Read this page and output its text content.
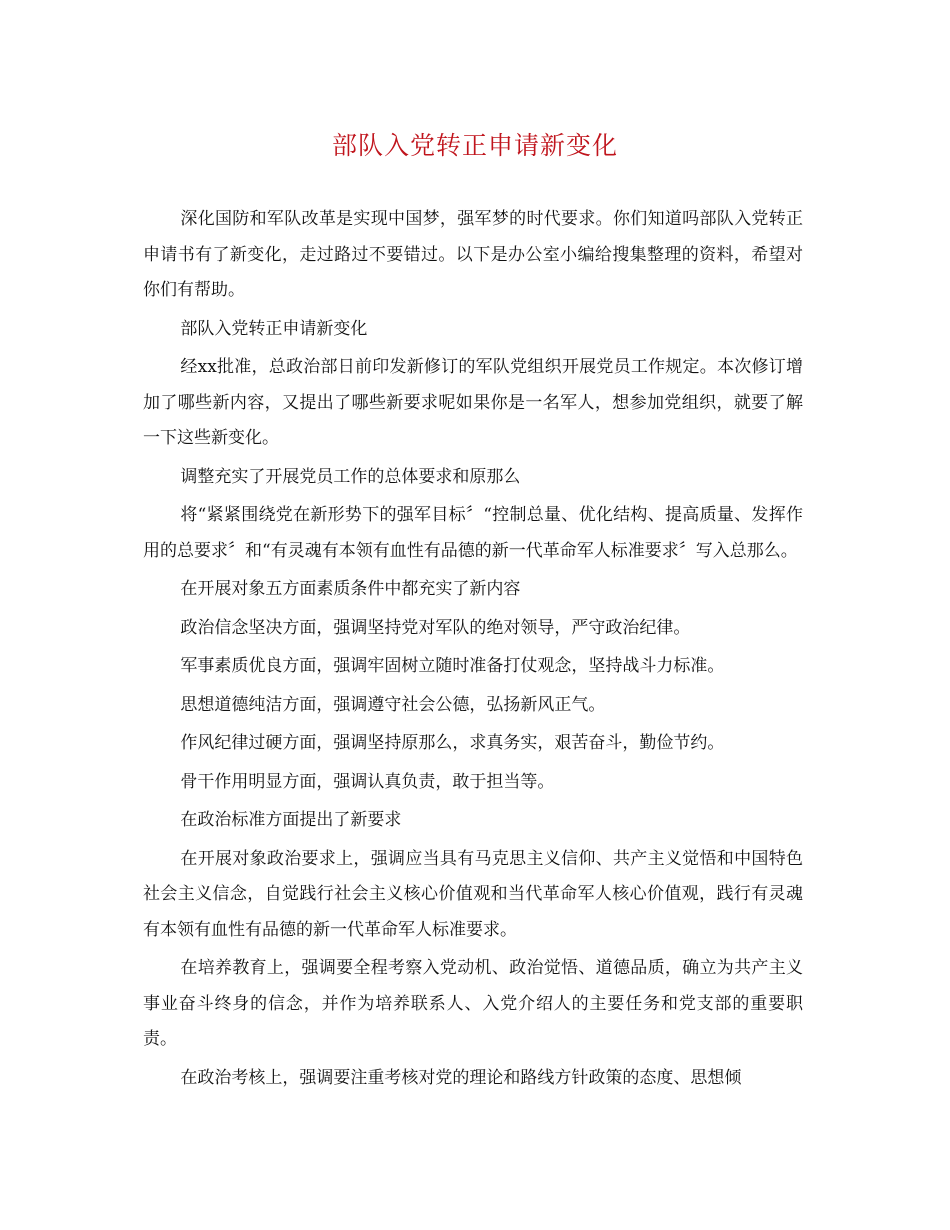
部队入党转正申请新变化

深化国防和军队改革是实现中国梦，强军梦的时代要求。你们知道吗部队入党转正申请书有了新变化，走过路过不要错过。以下是办公室小编给搜集整理的资料，希望对你们有帮助。

部队入党转正申请新变化

经xx批准，总政治部日前印发新修订的军队党组织开展党员工作规定。本次修订增加了哪些新内容，又提出了哪些新要求呢如果你是一名军人，想参加党组织，就要了解一下这些新变化。

调整充实了开展党员工作的总体要求和原那么

将“紧紧围绕党在新形势下的强军目标〞“控制总量、优化结构、提高质量、发挥作用的总要求〞和“有灵魂有本领有血性有品德的新一代革命军人标准要求〞写入总那么。

在开展对象五方面素质条件中都充实了新内容

政治信念坚决方面，强调坚持党对军队的绝对领导，严守政治纪律。

军事素质优良方面，强调牢固树立随时准备打仗观念，坚持战斗力标准。

思想道德纯洁方面，强调遵守社会公德，弘扬新风正气。

作风纪律过硬方面，强调坚持原那么，求真务实，艰苦奋斗，勤俭节约。

骨干作用明显方面，强调认真负责，敢于担当等。

在政治标准方面提出了新要求

在开展对象政治要求上，强调应当具有马克思主义信仰、共产主义觉悟和中国特色社会主义信念，自觉践行社会主义核心价值观和当代革命军人核心价值观，践行有灵魂有本领有血性有品德的新一代革命军人标准要求。

在培养教育上，强调要全程考察入党动机、政治觉悟、道德品质，确立为共产主义事业奋斗终身的信念，并作为培养联系人、入党介绍人的主要任务和党支部的重要职责。

在政治考核上，强调要注重考核对党的理论和路线方针政策的态度、思想倾
